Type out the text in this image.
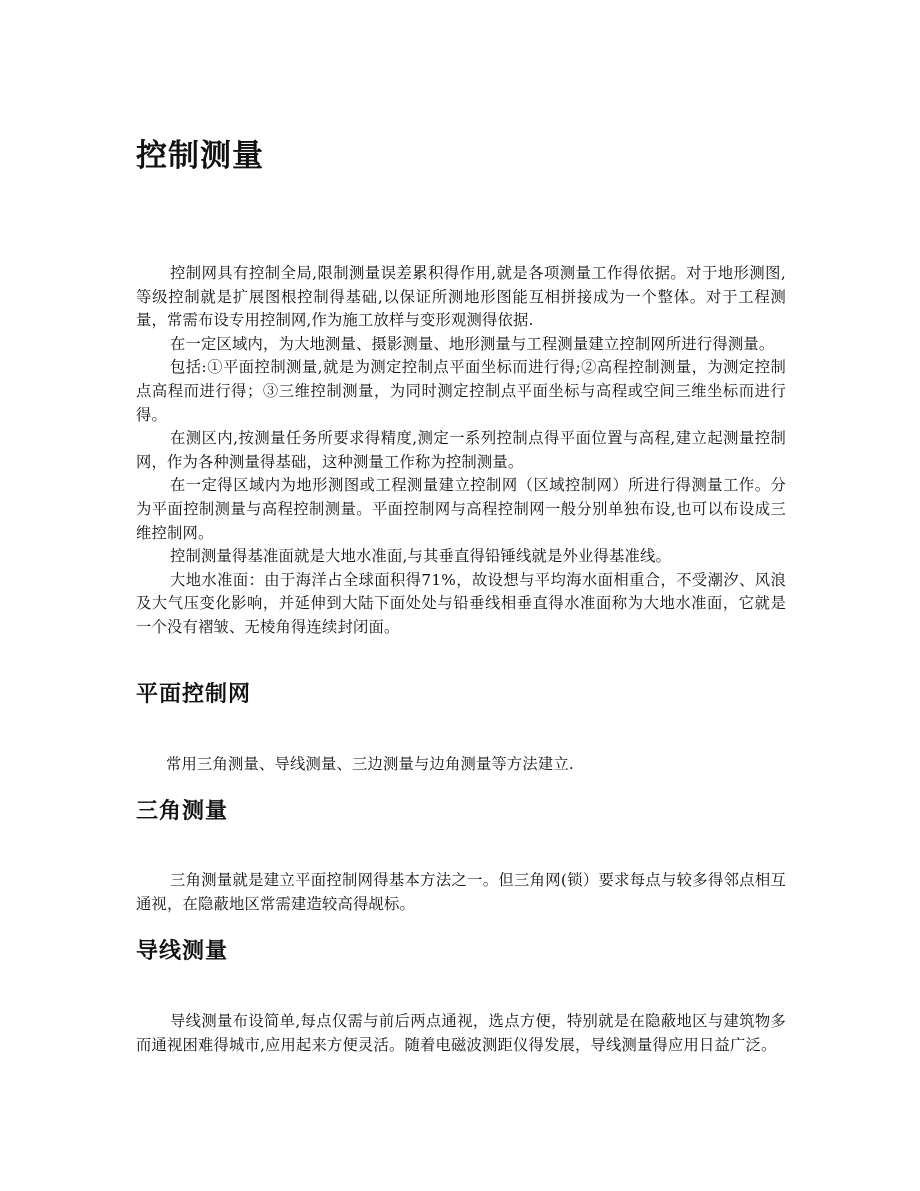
控制测量

控制网具有控制全局,限制测量误差累积得作用,就是各项测量工作得依据。对于地形测图,等级控制就是扩展图根控制得基础,以保证所测地形图能互相拼接成为一个整体。对于工程测量，常需布设专用控制网,作为施工放样与变形观测得依据.

在一定区域内，为大地测量、摄影测量、地形测量与工程测量建立控制网所进行得测量。

包括:①平面控制测量,就是为测定控制点平面坐标而进行得;②高程控制测量，为测定控制点高程而进行得；③三维控制测量，为同时测定控制点平面坐标与高程或空间三维坐标而进行得。

在测区内,按测量任务所要求得精度,测定一系列控制点得平面位置与高程,建立起测量控制网，作为各种测量得基础，这种测量工作称为控制测量。

在一定得区域内为地形测图或工程测量建立控制网（区域控制网）所进行得测量工作。分为平面控制测量与高程控制测量。平面控制网与高程控制网一般分别单独布设,也可以布设成三维控制网。

控制测量得基准面就是大地水准面,与其垂直得铅锤线就是外业得基准线。

大地水准面：由于海洋占全球面积得71%，故设想与平均海水面相重合，不受潮汐、风浪及大气压变化影响，并延伸到大陆下面处处与铅垂线相垂直得水准面称为大地水准面，它就是一个没有褶皱、无棱角得连续封闭面。

平面控制网

常用三角测量、导线测量、三边测量与边角测量等方法建立.

三角测量

三角测量就是建立平面控制网得基本方法之一。但三角网(锁）要求每点与较多得邻点相互通视，在隐蔽地区常需建造较高得觇标。

导线测量

导线测量布设简单,每点仅需与前后两点通视，选点方便，特别就是在隐蔽地区与建筑物多而通视困难得城市,应用起来方便灵活。随着电磁波测距仪得发展，导线测量得应用日益广泛。
